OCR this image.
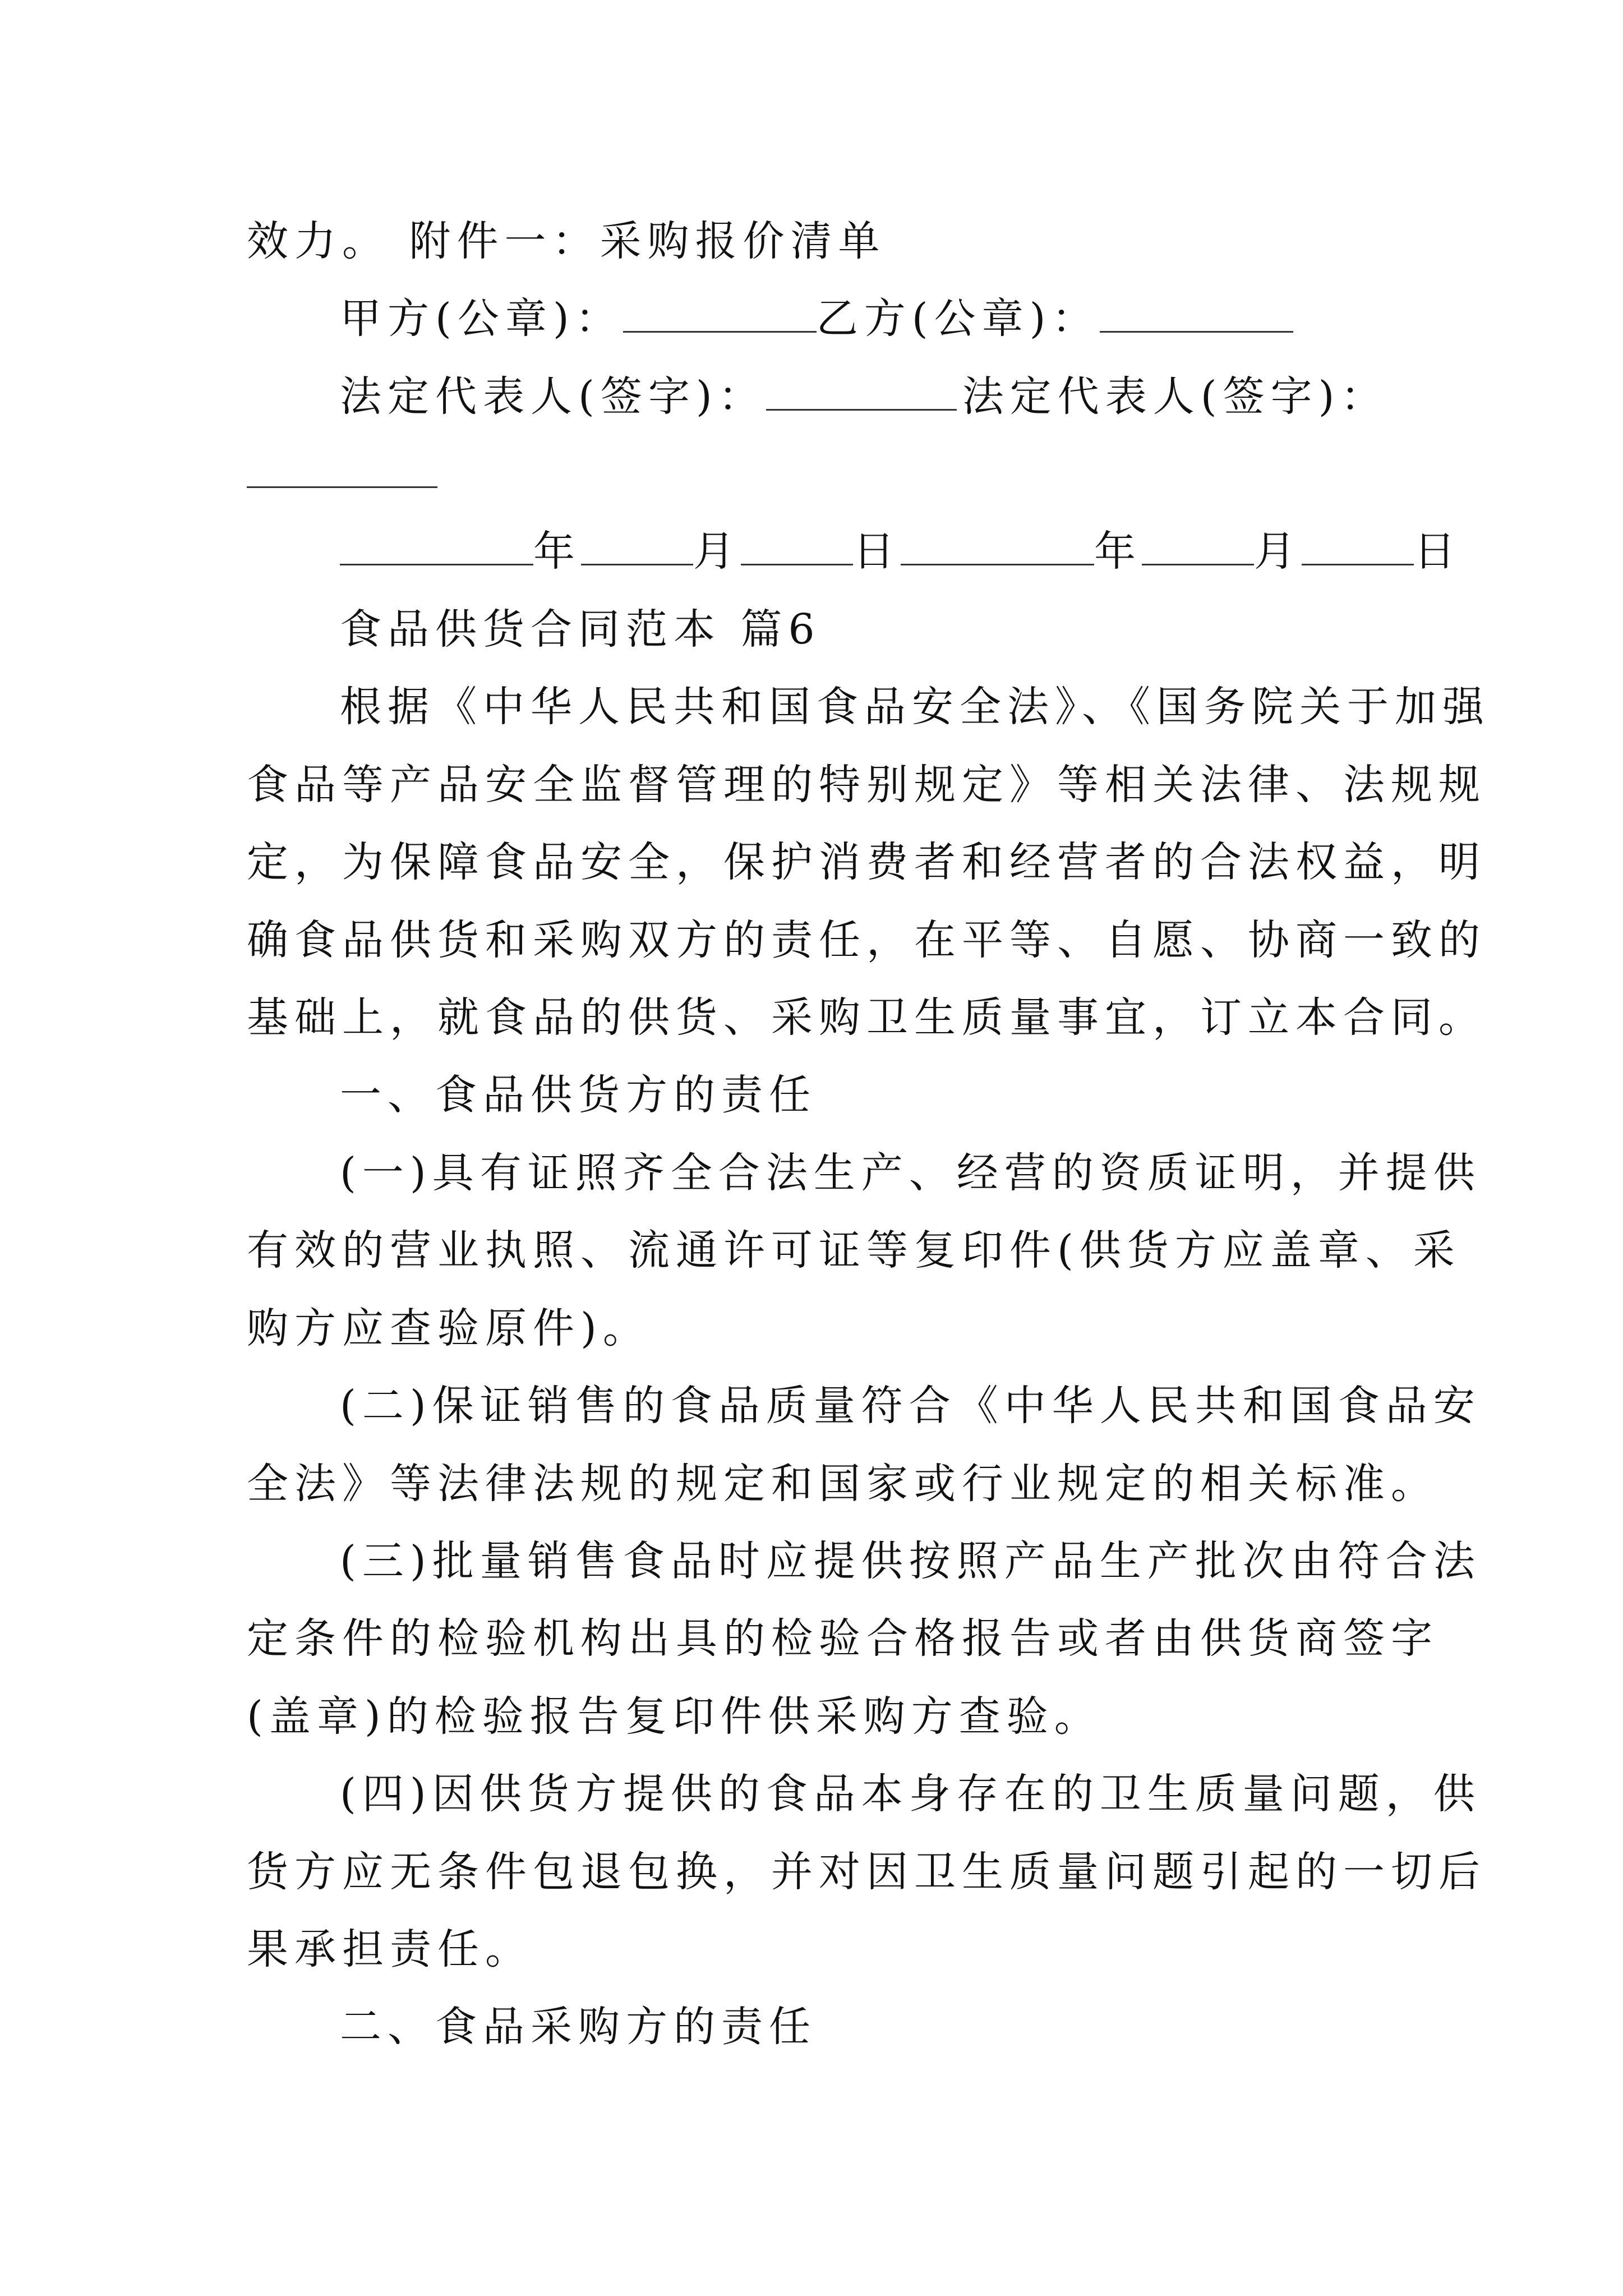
效力。 附件一：采购报价清单
甲方(公章)：	乙方(公章)：
法定代表人(签字)：	法定代表人(签字)：
年	月	日	年	月	日
食品供货合同范本 篇6
根据《中华人民共和国食品安全法》、《国务院关于加强
食品等产品安全监督管理的特别规定》等相关法律、法规规
定，为保障食品安全，保护消费者和经营者的合法权益，明
确食品供货和采购双方的责任，在平等、自愿、协商一致的
基础上，就食品的供货、采购卫生质量事宜，订立本合同。
一、食品供货方的责任
(一)具有证照齐全合法生产、经营的资质证明，并提供
有效的营业执照、流通许可证等复印件(供货方应盖章、采
购方应查验原件)。
(二)保证销售的食品质量符合《中华人民共和国食品安
全法》等法律法规的规定和国家或行业规定的相关标准。
(三)批量销售食品时应提供按照产品生产批次由符合法
定条件的检验机构出具的检验合格报告或者由供货商签字
(盖章)的检验报告复印件供采购方查验。
(四)因供货方提供的食品本身存在的卫生质量问题，供
货方应无条件包退包换，并对因卫生质量问题引起的一切后
果承担责任。
二、食品采购方的责任
